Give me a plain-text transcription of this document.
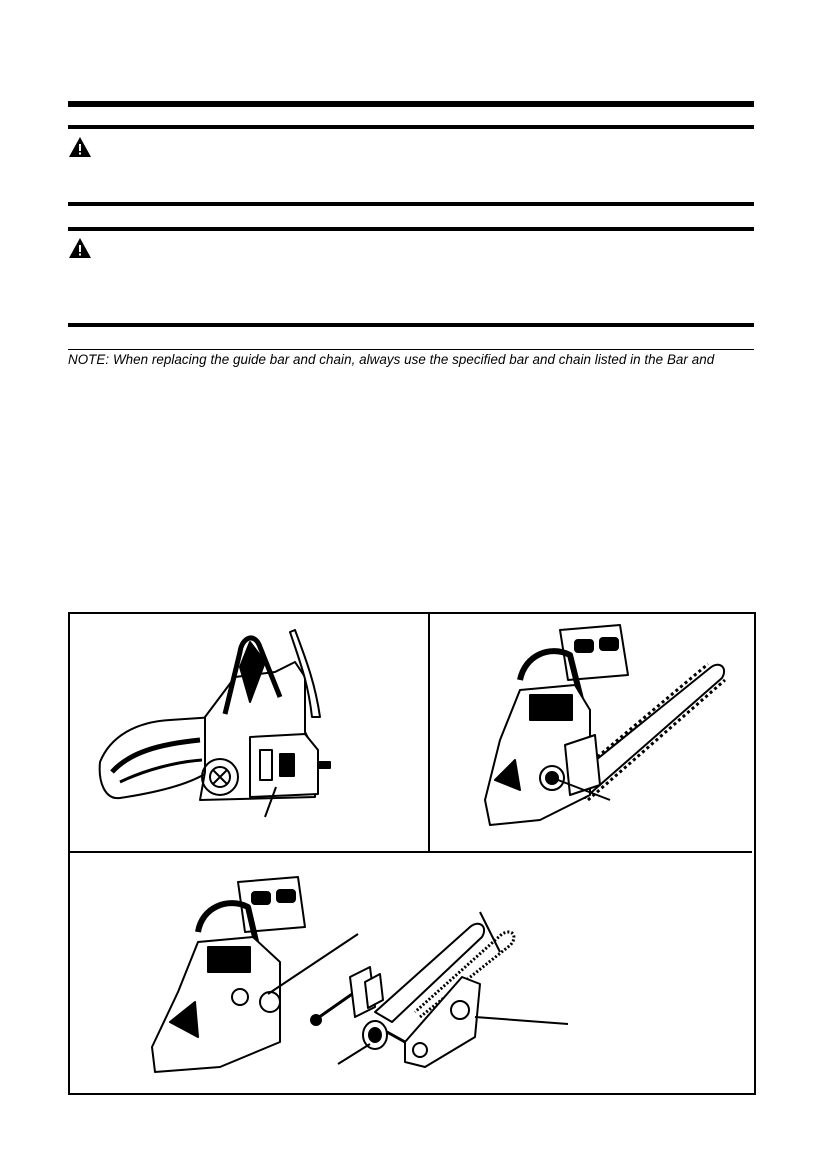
NOTE: When replacing the guide bar and chain, always use the specified bar and chain listed in the Bar and
